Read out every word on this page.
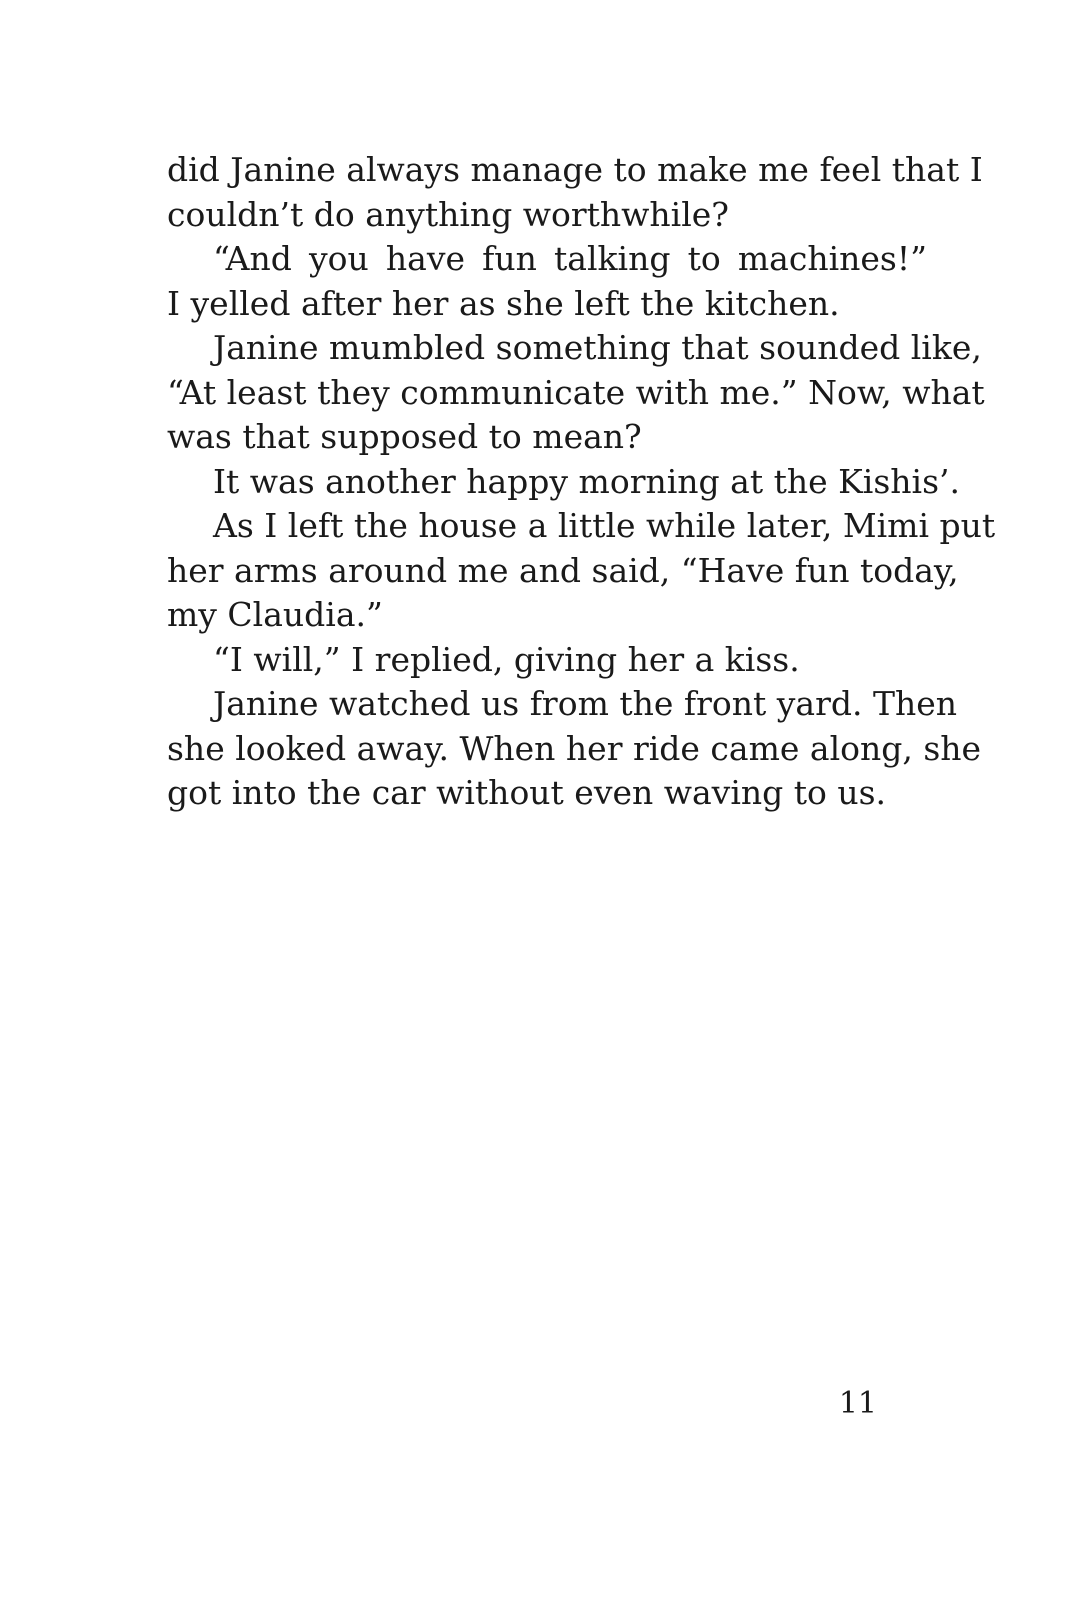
did Janine always manage to make me feel that I
couldn’t do anything worthwhile?
“And you have fun talking to machines!”
I yelled after her as she left the kitchen.
Janine mumbled something that sounded like,
“At least they communicate with me.” Now, what
was that supposed to mean?
It was another happy morning at the Kishis’.
As I left the house a little while later, Mimi put
her arms around me and said, “Have fun today,
my Claudia.”
“I will,” I replied, giving her a kiss.
Janine watched us from the front yard. Then
she looked away. When her ride came along, she
got into the car without even waving to us.
11
